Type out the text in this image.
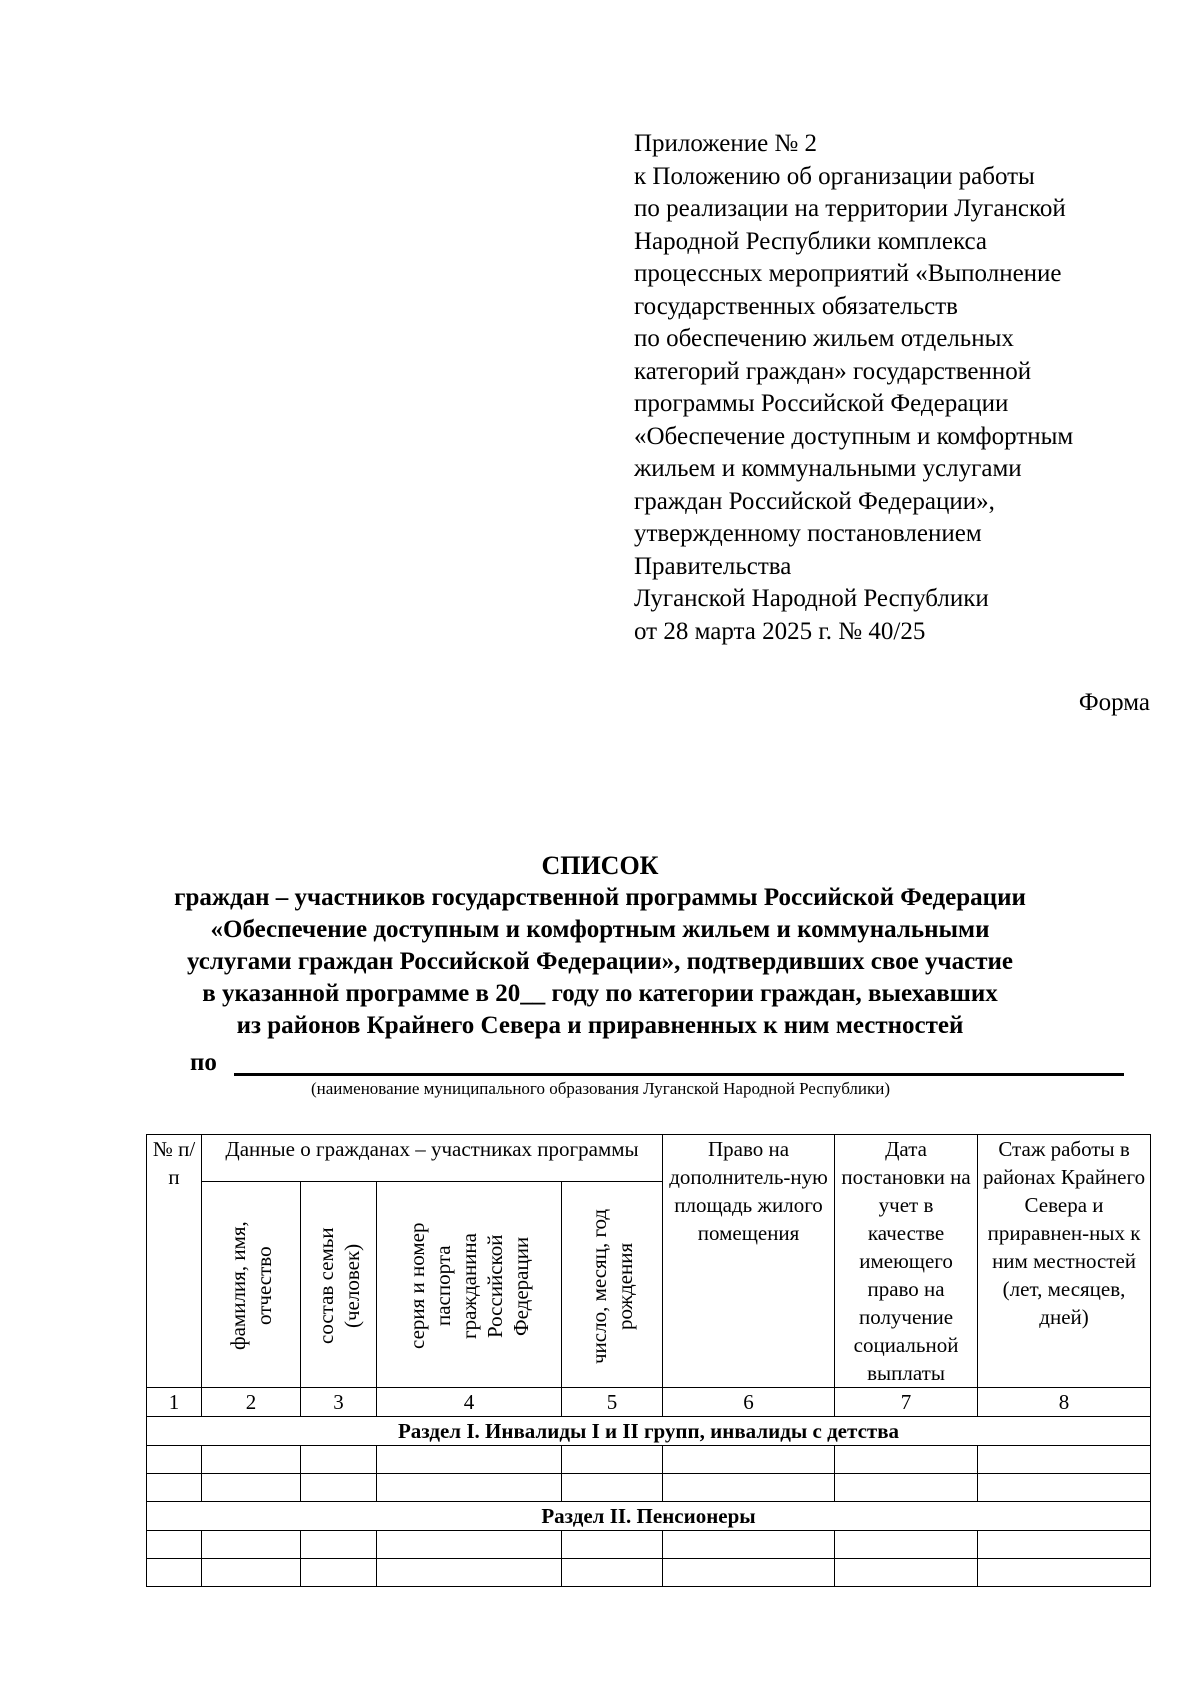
Приложение № 2
к Положению об организации работы
по реализации на территории Луганской
Народной Республики комплекса
процессных мероприятий «Выполнение
государственных обязательств
по обеспечению жильем отдельных
категорий граждан» государственной
программы Российской Федерации
«Обеспечение доступным и комфортным
жильем и коммунальными услугами
граждан Российской Федерации»,
утвержденному постановлением
Правительства
Луганской Народной Республики
от 28 марта 2025 г. № 40/25
Форма
СПИСОК
граждан – участников государственной программы Российской Федерации
«Обеспечение доступным и комфортным жильем и коммунальными
услугами граждан Российской Федерации», подтвердивших свое участие
в указанной программе в 20__ году по категории граждан, выехавших
из районов Крайнего Севера и приравненных к ним местностей
по
(наименование муниципального образования Луганской Народной Республики)
№ п/п	Данные о гражданах – участниках программы				Право на дополнитель-ную площадь жилого помещения	Дата постановки на учет в качестве имеющего право на получение социальной выплаты	Стаж работы в районах Крайнего Севера и приравнен-ных к ним местностей (лет, месяцев, дней)

	фамилия, имя, отчество	состав семьи (человек)	серия и номер паспорта гражданина Российской Федерации	число, месяц, год рождения			

1	2	3	4	5	6	7	8
Раздел I. Инвалиды I и II групп, инвалиды с детства							

Раздел II. Пенсионеры							
